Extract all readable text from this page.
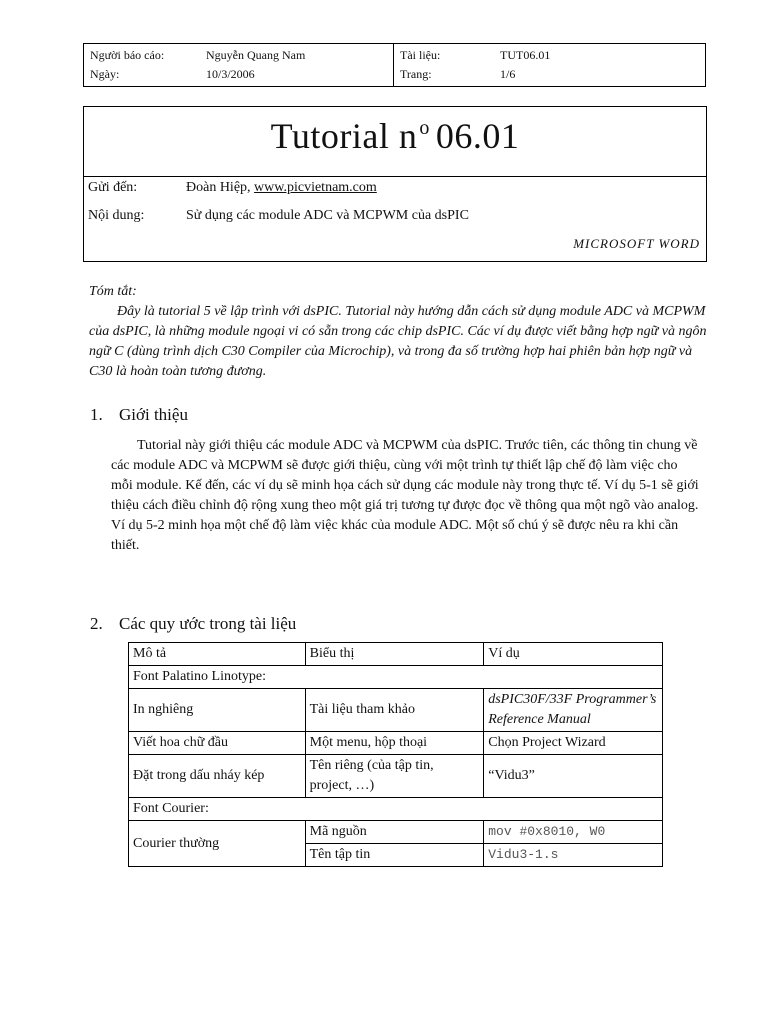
Người báo cáo:	Nguyễn Quang Nam
Ngày:	10/3/2006
Tài liệu:	TUT06.01
Trang:	1/6
Tutorial n $^o$ 06.01
Gửi đến:	Đoàn Hiệp, www.picvietnam.com
Nội dung:	Sử dụng các module ADC và MCPWM của dsPIC
MICROSOFT WORD

Tóm tắt:

Đây là tutorial 5 về lập trình với dsPIC. Tutorial này hướng dẫn cách sử dụng module ADC và MCPWM của dsPIC, là những module ngoại vi có sẵn trong các chip dsPIC. Các ví dụ được viết bằng hợp ngữ và ngôn ngữ C (dùng trình dịch C30 Compiler của Microchip), và trong đa số trường hợp hai phiên bản hợp ngữ và C30 là hoàn toàn tương đương.

1. Giới thiệu

Tutorial này giới thiệu các module ADC và MCPWM của dsPIC. Trước tiên, các thông tin chung về các module ADC và MCPWM sẽ được giới thiệu, cùng với một trình tự thiết lập chế độ làm việc cho mỗi module. Kế đến, các ví dụ sẽ minh họa cách sử dụng các module này trong thực tế. Ví dụ 5-1 sẽ giới thiệu cách điều chỉnh độ rộng xung theo một giá trị tương tự được đọc về thông qua một ngõ vào analog. Ví dụ 5-2 minh họa một chế độ làm việc khác của module ADC. Một số chú ý sẽ được nêu ra khi cần thiết.

2. Các quy ước trong tài liệu
Mô tả	Biểu thị	Ví dụ
Font Palatino Linotype:		
In nghiêng	Tài liệu tham khảo	dsPIC30F/33F Programmer’s Reference Manual
Viết hoa chữ đầu	Một menu, hộp thoại	Chọn Project Wizard
Đặt trong dấu nháy kép	Tên riêng (của tập tin, project, …)	“Vidu3”
Font Courier:		
Courier thường	Mã nguồn	mov #0x8010, W0
	Tên tập tin	Vidu3-1.s
